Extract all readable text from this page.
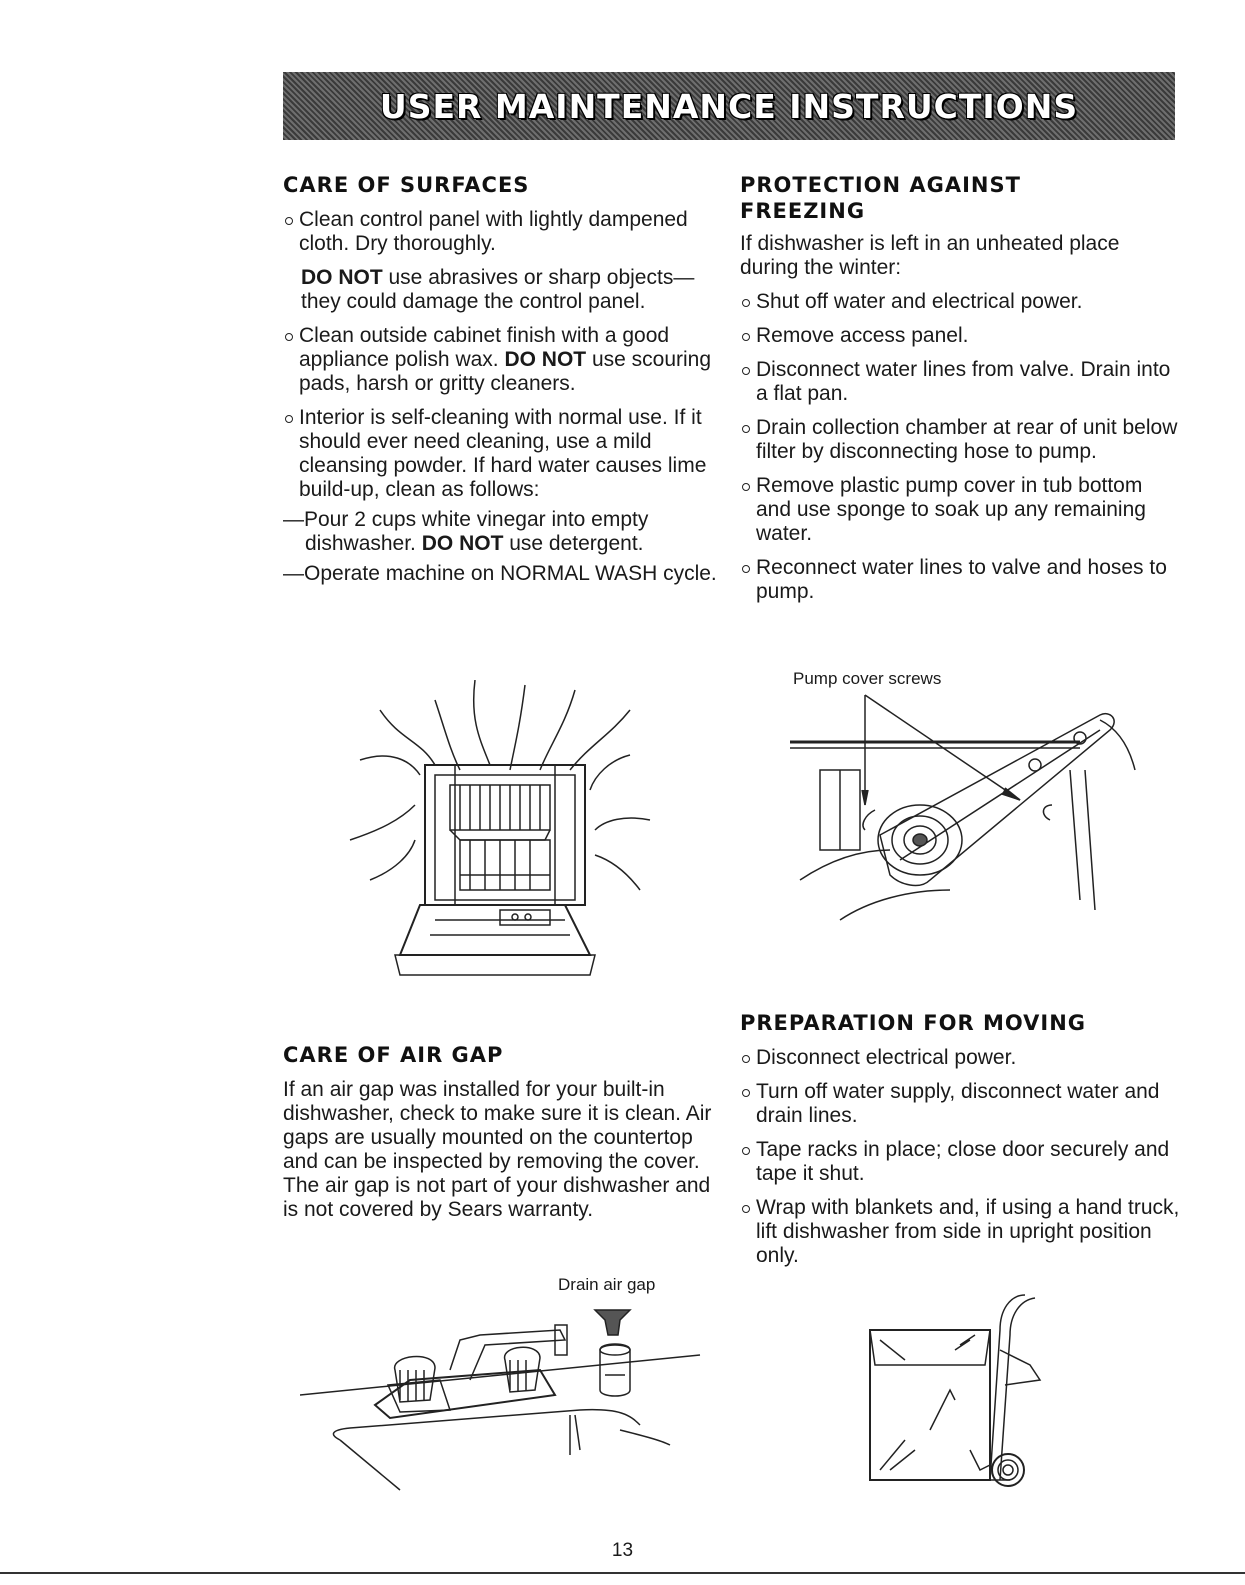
USER MAINTENANCE INSTRUCTIONS
CARE OF SURFACES
Clean control panel with lightly dampened cloth. Dry thoroughly.

DO NOT use abrasives or sharp objects—they could damage the control panel.

Clean outside cabinet finish with a good appliance polish wax. DO NOT use scouring pads, harsh or gritty cleaners.
Interior is self-cleaning with normal use. If it should ever need cleaning, use a mild cleansing powder. If hard water causes lime build-up, clean as follows:

—Pour 2 cups white vinegar into empty dishwasher. DO NOT use detergent.

—Operate machine on NORMAL WASH cycle.

PROTECTION AGAINST
FREEZING

If dishwasher is left in an unheated place during the winter:

Shut off water and electrical power.
Remove access panel.
Disconnect water lines from valve. Drain into a flat pan.
Drain collection chamber at rear of unit below filter by disconnecting hose to pump.
Remove plastic pump cover in tub bottom and use sponge to soak up any remaining water.
Reconnect water lines to valve and hoses to pump.
Pump cover screws
CARE OF AIR GAP

If an air gap was installed for your built-in dishwasher, check to make sure it is clean. Air gaps are usually mounted on the countertop and can be inspected by removing the cover. The air gap is not part of your dishwasher and is not covered by Sears warranty.

Drain air gap
PREPARATION FOR MOVING
Disconnect electrical power.
Turn off water supply, disconnect water and drain lines.
Tape racks in place; close door securely and tape it shut.
Wrap with blankets and, if using a hand truck, lift dishwasher from side in upright position only.
13
